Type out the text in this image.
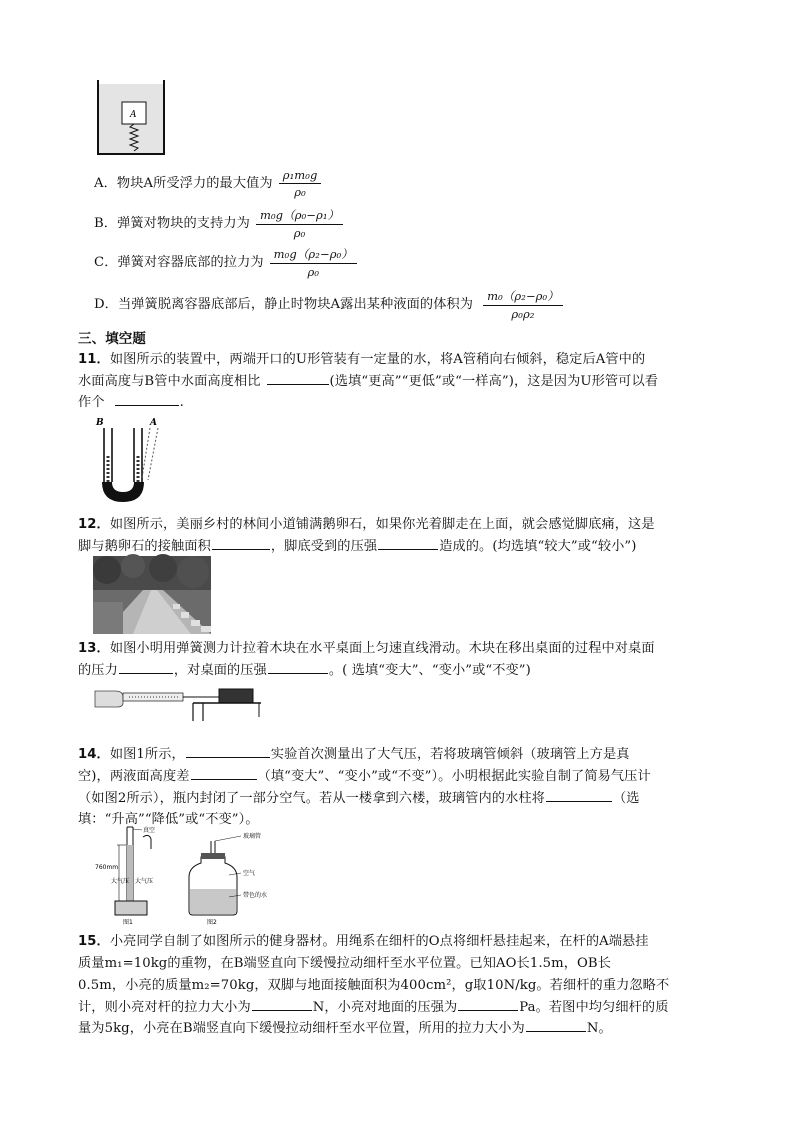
A
A．物块A所受浮力的最大值为 $\frac{\text{ρ₁m₀g}}{\text{ρ₀}}$
B．弹簧对物块的支持力为 $\frac{\text{m₀g（ρ₀−ρ₁）}}{\text{ρ₀}}$
C．弹簧对容器底部的拉力为 $\frac{\text{m₀g（ρ₂−ρ₀）}}{\text{ρ₀}}$
D．当弹簧脱离容器底部后，静止时物块A露出某种液面的体积为 $\frac{\text{m₀（ρ₂−ρ₀）}}{\text{ρ₀ρ₂}}$
三、填空题
11．如图所示的装置中，两端开口的U形管装有一定量的水，将A管稍向右倾斜，稳定后A管中的
水面高度与B管中水面高度相比	(选填“更高”“更低”或“一样高”)，这是因为U形管可以看
作个	.
B	A
12．如图所示，美丽乡村的林间小道铺满鹅卵石，如果你光着脚走在上面，就会感觉脚底痛，这是
脚与鹅卵石的接触面积	，脚底受到的压强	造成的。(均选填“较大”或“较小”)
13．如图小明用弹簧测力计拉着木块在水平桌面上匀速直线滑动。木块在移出桌面的过程中对桌面
的压力	，对桌面的压强	。( 选填“变大”、“变小”或“不变”)
14．如图1所示，	实验首次测量出了大气压，若将玻璃管倾斜（玻璃管上方是真
空)，两液面高度差	（填“变大”、“变小”或“不变”）。小明根据此实验自制了简易气压计
（如图2所示），瓶内封闭了一部分空气。若从一楼拿到六楼，玻璃管内的水柱将	（选
填：“升高”“降低”或“不变”）。
真空
760mm
大气压 大气压
图1
玻璃管
空气
带色的水
图2
15．小亮同学自制了如图所示的健身器材。用绳系在细杆的O点将细杆悬挂起来，在杆的A端悬挂
质量m₁=10kg的重物，在B端竖直向下缓慢拉动细杆至水平位置。已知AO长1.5m，OB长
0.5m，小亮的质量m₂=70kg，双脚与地面接触面积为400cm²，g取10N/kg。若细杆的重力忽略不
计，则小亮对杆的拉力大小为	N，小亮对地面的压强为	Pa。若图中均匀细杆的质
量为5kg，小亮在B端竖直向下缓慢拉动细杆至水平位置，所用的拉力大小为	N。
